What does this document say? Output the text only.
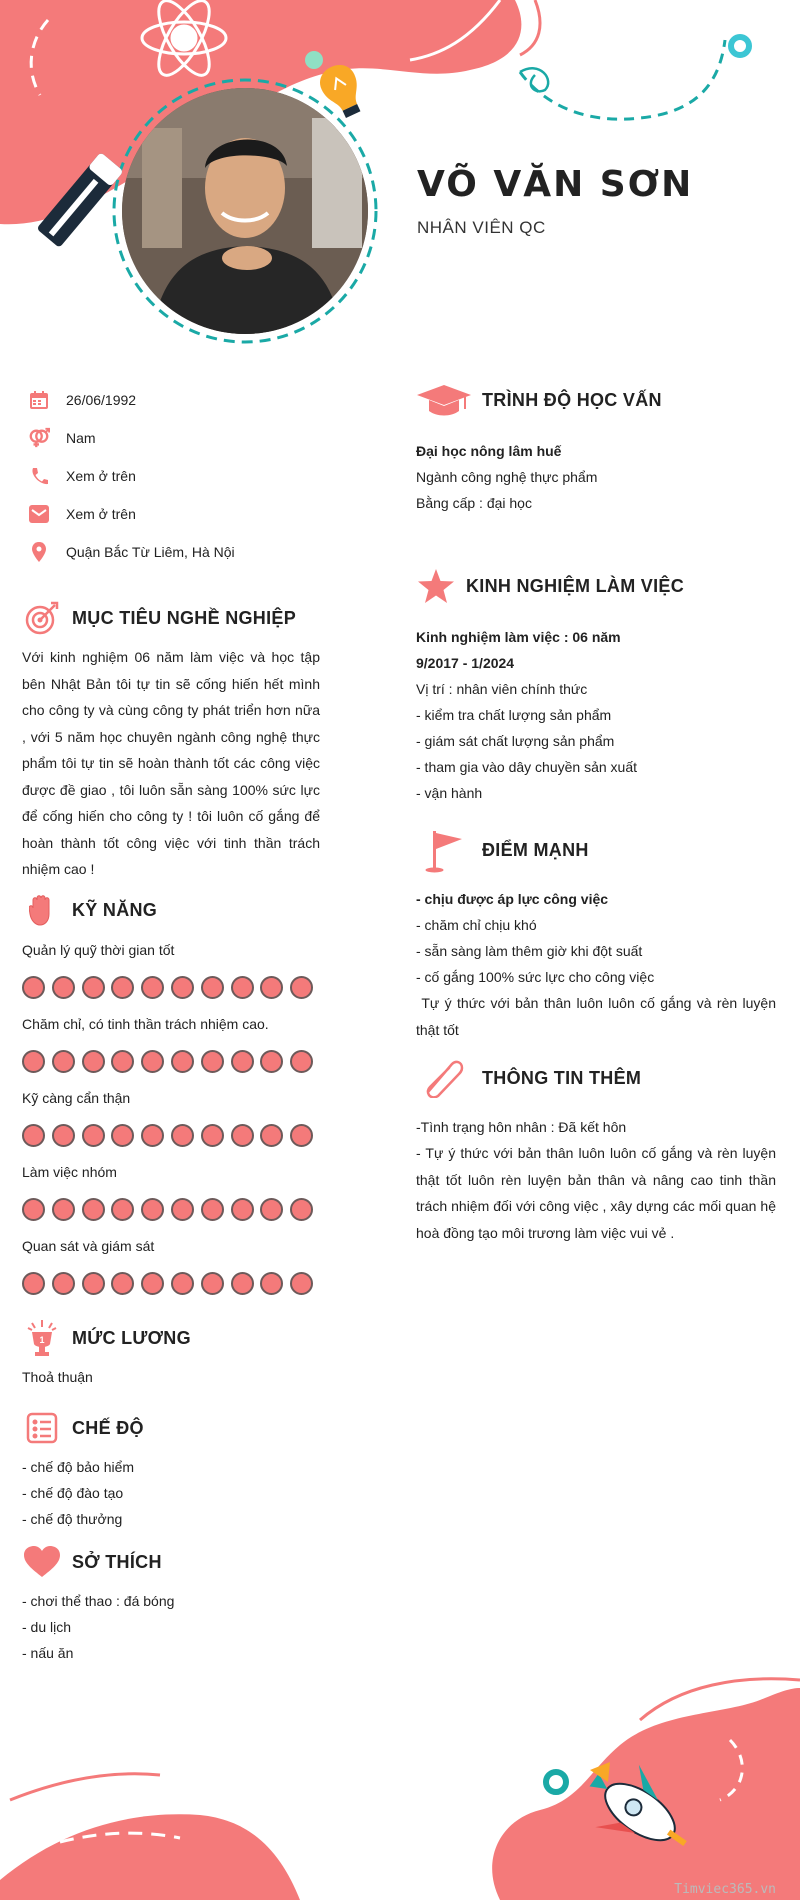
VÕ VĂN SƠN
NHÂN VIÊN QC
26/06/1992
Nam
Xem ở trên
Xem ở trên
Quận Bắc Từ Liêm, Hà Nội
MỤC TIÊU NGHỀ NGHIỆP
Với kinh nghiệm 06 năm làm việc và học tập bên Nhật Bản tôi tự tin sẽ cống hiến hết mình cho công ty và cùng công ty phát triển hơn nữa , với 5 năm học chuyên ngành công nghệ thực phẩm tôi tự tin sẽ hoàn thành tốt các công việc được đề giao , tôi luôn sẵn sàng 100% sức lực để cống hiến cho công ty ! tôi luôn cố gắng để hoàn thành tốt công việc với tinh thần trách nhiệm cao !
KỸ NĂNG
Quản lý quỹ thời gian tốt
Chăm chỉ, có tinh thần trách nhiệm cao.
Kỹ càng cẩn thận
Làm việc nhóm
Quan sát và giám sát
1 MỨC LƯƠNG
Thoả thuận
CHẾ ĐỘ
- chế độ bảo hiểm
- chế độ đào tạo
- chế độ thưởng
SỞ THÍCH
- chơi thể thao : đá bóng
- du lịch
- nấu ăn
TRÌNH ĐỘ HỌC VẤN
Đại học nông lâm huế
Ngành công nghệ thực phẩm
Bằng cấp : đại học
KINH NGHIỆM LÀM VIỆC
Kinh nghiệm làm việc : 06 năm
9/2017 - 1/2024
Vị trí : nhân viên chính thức
- kiểm tra chất lượng sản phẩm
- giám sát chất lượng sản phẩm
- tham gia vào dây chuyền sản xuất
- vận hành
ĐIỂM MẠNH
- chịu được áp lực công việc
- chăm chỉ chịu khó
- sẵn sàng làm thêm giờ khi đột suất
- cố gắng 100% sức lực cho công việc
Tự ý thức với bản thân luôn luôn cố gắng và rèn luyện thật tốt
THÔNG TIN THÊM
-Tình trạng hôn nhân : Đã kết hôn
- Tự ý thức với bản thân luôn luôn cố gắng và rèn luyện thật tốt luôn rèn luyện bản thân và nâng cao tinh thần trách nhiệm đối với công việc , xây dựng các mối quan hệ hoà đồng tạo môi trương làm việc vui vẻ .
Timviec365.vn
